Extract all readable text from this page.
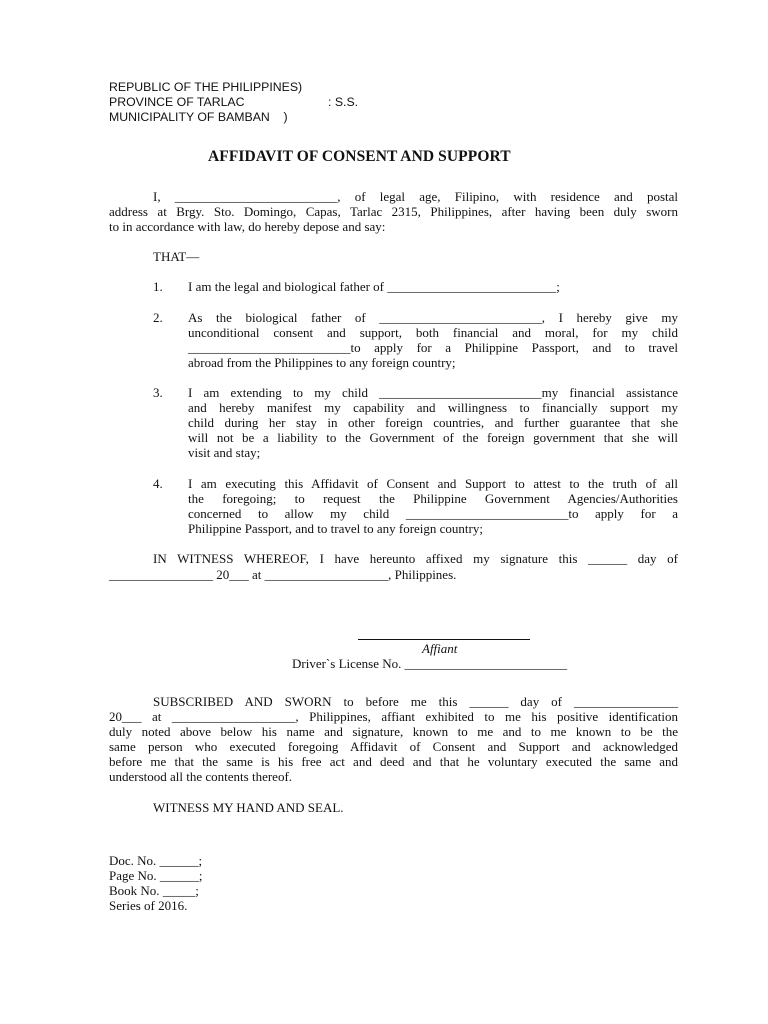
REPUBLIC OF THE PHILIPPINES)
PROVINCE OF TARLAC	: S.S.
MUNICIPALITY OF BAMBAN    )
AFFIDAVIT OF CONSENT AND SUPPORT
I, _________________________, of legal age, Filipino, with residence and postal
address at Brgy. Sto. Domingo, Capas, Tarlac 2315, Philippines, after having been duly sworn
to in accordance with law, do hereby depose and say:
THAT—
1. I am the legal and biological father of __________________________;
2. As the biological father of _________________________, I hereby give my
unconditional consent and support, both financial and moral, for my child
_________________________to apply for a Philippine Passport, and to travel
abroad from the Philippines to any foreign country;
3. I am extending to my child _________________________my financial assistance
and hereby manifest my capability and willingness to financially support my
child during her stay in other foreign countries, and further guarantee that she
will not be a liability to the Government of the foreign government that she will
visit and stay;
4. I am executing this Affidavit of Consent and Support to attest to the truth of all
the foregoing; to request the Philippine Government Agencies/Authorities
concerned to allow my child _________________________to apply for a
Philippine Passport, and to travel to any foreign country;
IN WITNESS WHEREOF, I have hereunto affixed my signature this ______ day of
________________ 20___ at ___________________, Philippines.
Affiant
Driver`s License No. _________________________
SUBSCRIBED AND SWORN to before me this ______ day of ________________
20___ at ___________________, Philippines, affiant exhibited to me his positive identification
duly noted above below his name and signature, known to me and to me known to be the
same person who executed foregoing Affidavit of Consent and Support and acknowledged
before me that the same is his free act and deed and that he voluntary executed the same and
understood all the contents thereof.
WITNESS MY HAND AND SEAL.
Doc. No. ______;
Page No. ______;
Book No. _____;
Series of 2016.
